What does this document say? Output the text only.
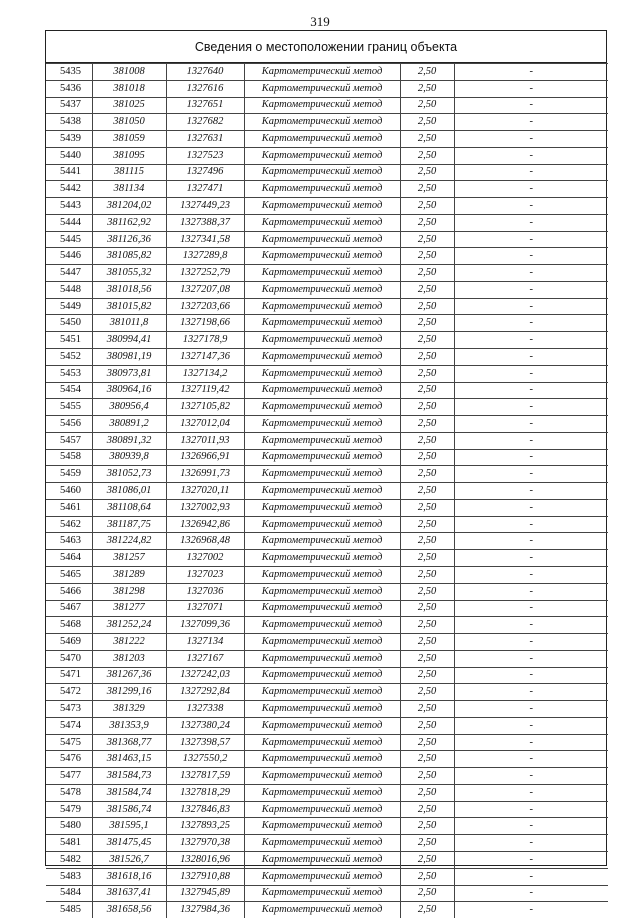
319
Сведения о местоположении границ объекта
5435	381008	1327640	Картометрический метод	2,50	-
5436	381018	1327616	Картометрический метод	2,50	-
5437	381025	1327651	Картометрический метод	2,50	-
5438	381050	1327682	Картометрический метод	2,50	-
5439	381059	1327631	Картометрический метод	2,50	-
5440	381095	1327523	Картометрический метод	2,50	-
5441	381115	1327496	Картометрический метод	2,50	-
5442	381134	1327471	Картометрический метод	2,50	-
5443	381204,02	1327449,23	Картометрический метод	2,50	-
5444	381162,92	1327388,37	Картометрический метод	2,50	-
5445	381126,36	1327341,58	Картометрический метод	2,50	-
5446	381085,82	1327289,8	Картометрический метод	2,50	-
5447	381055,32	1327252,79	Картометрический метод	2,50	-
5448	381018,56	1327207,08	Картометрический метод	2,50	-
5449	381015,82	1327203,66	Картометрический метод	2,50	-
5450	381011,8	1327198,66	Картометрический метод	2,50	-
5451	380994,41	1327178,9	Картометрический метод	2,50	-
5452	380981,19	1327147,36	Картометрический метод	2,50	-
5453	380973,81	1327134,2	Картометрический метод	2,50	-
5454	380964,16	1327119,42	Картометрический метод	2,50	-
5455	380956,4	1327105,82	Картометрический метод	2,50	-
5456	380891,2	1327012,04	Картометрический метод	2,50	-
5457	380891,32	1327011,93	Картометрический метод	2,50	-
5458	380939,8	1326966,91	Картометрический метод	2,50	-
5459	381052,73	1326991,73	Картометрический метод	2,50	-
5460	381086,01	1327020,11	Картометрический метод	2,50	-
5461	381108,64	1327002,93	Картометрический метод	2,50	-
5462	381187,75	1326942,86	Картометрический метод	2,50	-
5463	381224,82	1326968,48	Картометрический метод	2,50	-
5464	381257	1327002	Картометрический метод	2,50	-
5465	381289	1327023	Картометрический метод	2,50	-
5466	381298	1327036	Картометрический метод	2,50	-
5467	381277	1327071	Картометрический метод	2,50	-
5468	381252,24	1327099,36	Картометрический метод	2,50	-
5469	381222	1327134	Картометрический метод	2,50	-
5470	381203	1327167	Картометрический метод	2,50	-
5471	381267,36	1327242,03	Картометрический метод	2,50	-
5472	381299,16	1327292,84	Картометрический метод	2,50	-
5473	381329	1327338	Картометрический метод	2,50	-
5474	381353,9	1327380,24	Картометрический метод	2,50	-
5475	381368,77	1327398,57	Картометрический метод	2,50	-
5476	381463,15	1327550,2	Картометрический метод	2,50	-
5477	381584,73	1327817,59	Картометрический метод	2,50	-
5478	381584,74	1327818,29	Картометрический метод	2,50	-
5479	381586,74	1327846,83	Картометрический метод	2,50	-
5480	381595,1	1327893,25	Картометрический метод	2,50	-
5481	381475,45	1327970,38	Картометрический метод	2,50	-
5482	381526,7	1328016,96	Картометрический метод	2,50	-
5483	381618,16	1327910,88	Картометрический метод	2,50	-
5484	381637,41	1327945,89	Картометрический метод	2,50	-
5485	381658,56	1327984,36	Картометрический метод	2,50	-
